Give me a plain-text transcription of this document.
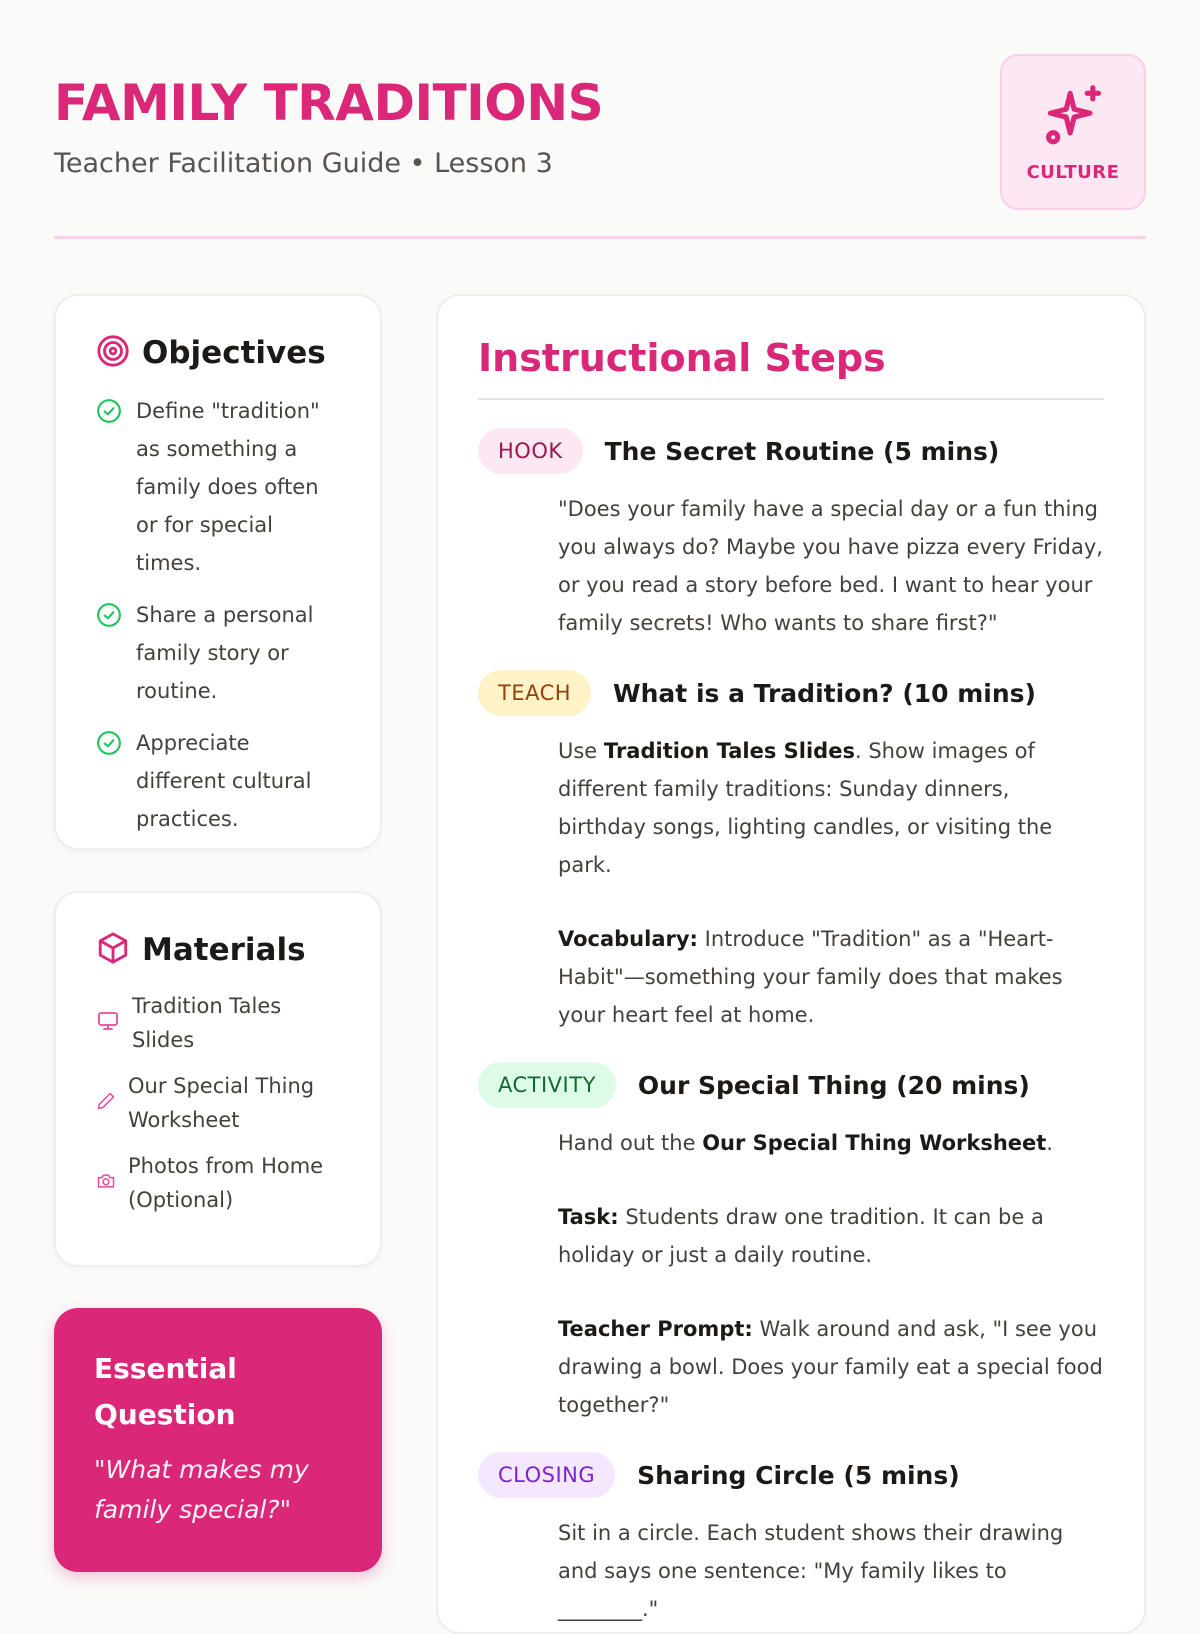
FAMILY TRADITIONS
Teacher Facilitation Guide • Lesson 3	CULTURE
Objectives
Define "tradition" as something a family does often or for special times.
Share a personal family story or routine.
Appreciate different cultural practices.
Materials
Tradition Tales Slides
Our Special Thing Worksheet
Photos from Home (Optional)
Essential Question
"What makes my family special?"
Instructional Steps
HOOK	The Secret Routine (5 mins)

"Does your family have a special day or a fun thing you always do? Maybe you have pizza every Friday, or you read a story before bed. I want to hear your family secrets! Who wants to share first?"

TEACH	What is a Tradition? (10 mins)

Use Tradition Tales Slides. Show images of different family traditions: Sunday dinners, birthday songs, lighting candles, or visiting the park.

Vocabulary: Introduce "Tradition" as a "Heart-Habit"—something your family does that makes your heart feel at home.

ACTIVITY	Our Special Thing (20 mins)

Hand out the Our Special Thing Worksheet.

Task: Students draw one tradition. It can be a holiday or just a daily routine.

Teacher Prompt: Walk around and ask, "I see you drawing a bowl. Does your family eat a special food together?"

CLOSING	Sharing Circle (5 mins)

Sit in a circle. Each student shows their drawing and says one sentence: "My family likes to ________."
